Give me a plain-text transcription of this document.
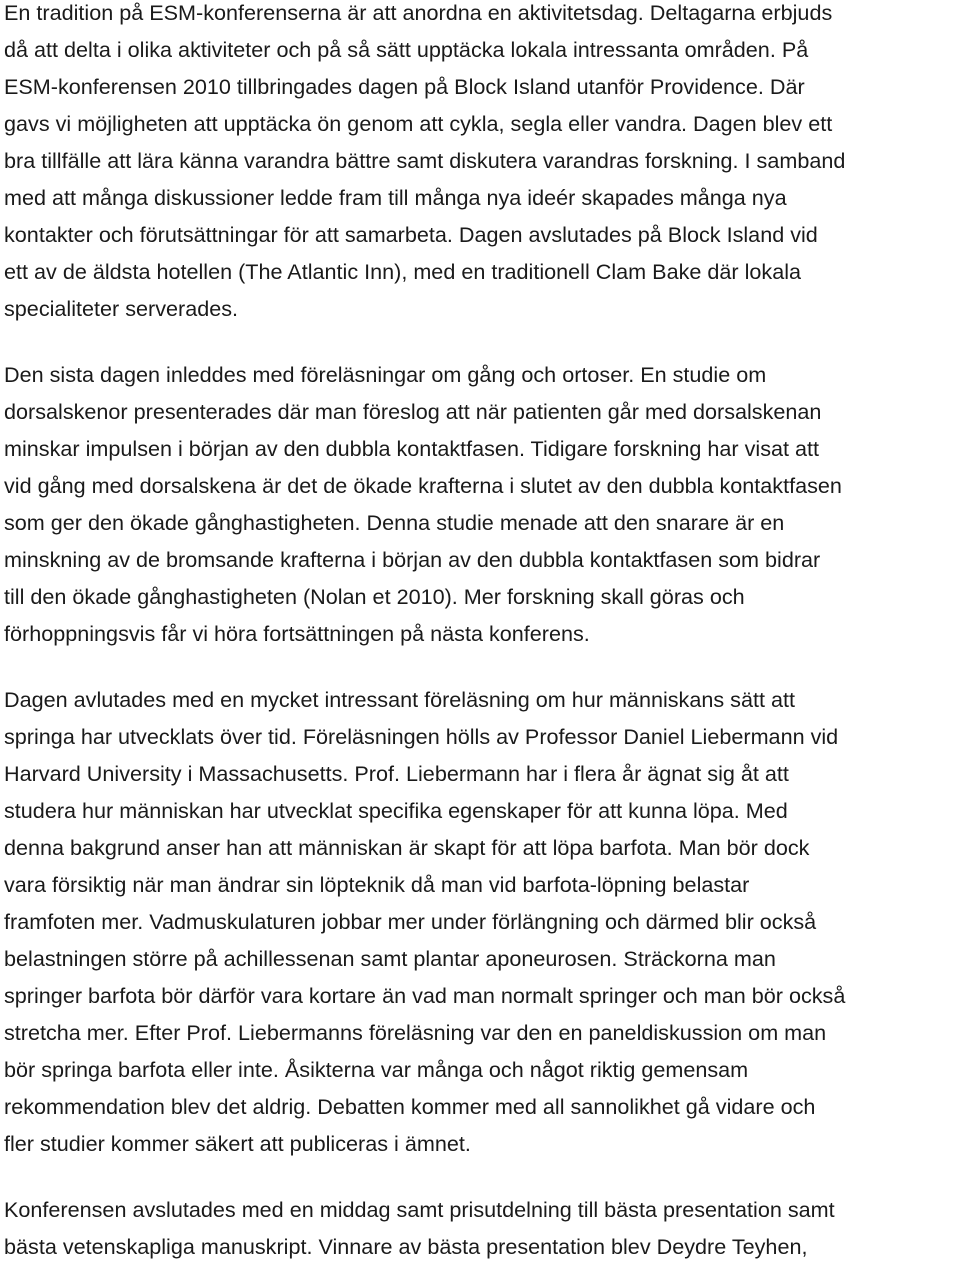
En tradition på ESM-konferenserna är att anordna en aktivitetsdag. Deltagarna erbjuds
då att delta i olika aktiviteter och på så sätt upptäcka lokala intressanta områden. På
ESM-konferensen 2010 tillbringades dagen på Block Island utanför Providence. Där
gavs vi möjligheten att upptäcka ön genom att cykla, segla eller vandra. Dagen blev ett
bra tillfälle att lära känna varandra bättre samt diskutera varandras forskning. I samband
med att många diskussioner ledde fram till många nya ideér skapades många nya
kontakter och förutsättningar för att samarbeta. Dagen avslutades på Block Island vid
ett av de äldsta hotellen (The Atlantic Inn), med en traditionell Clam Bake där lokala
specialiteter serverades.
Den sista dagen inleddes med föreläsningar om gång och ortoser. En studie om
dorsalskenor presenterades där man föreslog att när patienten går med dorsalskenan
minskar impulsen i början av den dubbla kontaktfasen. Tidigare forskning har visat att
vid gång med dorsalskena är det de ökade krafterna i slutet av den dubbla kontaktfasen
som ger den ökade gånghastigheten. Denna studie menade att den snarare är en
minskning av de bromsande krafterna i början av den dubbla kontaktfasen som bidrar
till den ökade gånghastigheten (Nolan et 2010). Mer forskning skall göras och
förhoppningsvis får vi höra fortsättningen på nästa konferens.
Dagen avlutades med en mycket intressant föreläsning om hur människans sätt att
springa har utvecklats över tid. Föreläsningen hölls av Professor Daniel Liebermann vid
Harvard University i Massachusetts. Prof. Liebermann har i flera år ägnat sig åt att
studera hur människan har utvecklat specifika egenskaper för att kunna löpa. Med
denna bakgrund anser han att människan är skapt för att löpa barfota. Man bör dock
vara försiktig när man ändrar sin löpteknik då man vid barfota-löpning belastar
framfoten mer. Vadmuskulaturen jobbar mer under förlängning och därmed blir också
belastningen större på achillessenan samt plantar aponeurosen. Sträckorna man
springer barfota bör därför vara kortare än vad man normalt springer och man bör också
stretcha mer. Efter Prof. Liebermanns föreläsning var den en paneldiskussion om man
bör springa barfota eller inte. Åsikterna var många och något riktig gemensam
rekommendation blev det aldrig. Debatten kommer med all sannolikhet gå vidare och
fler studier kommer säkert att publiceras i ämnet.
Konferensen avslutades med en middag samt prisutdelning till bästa presentation samt
bästa vetenskapliga manuskript. Vinnare av bästa presentation blev Deydre Teyhen,
